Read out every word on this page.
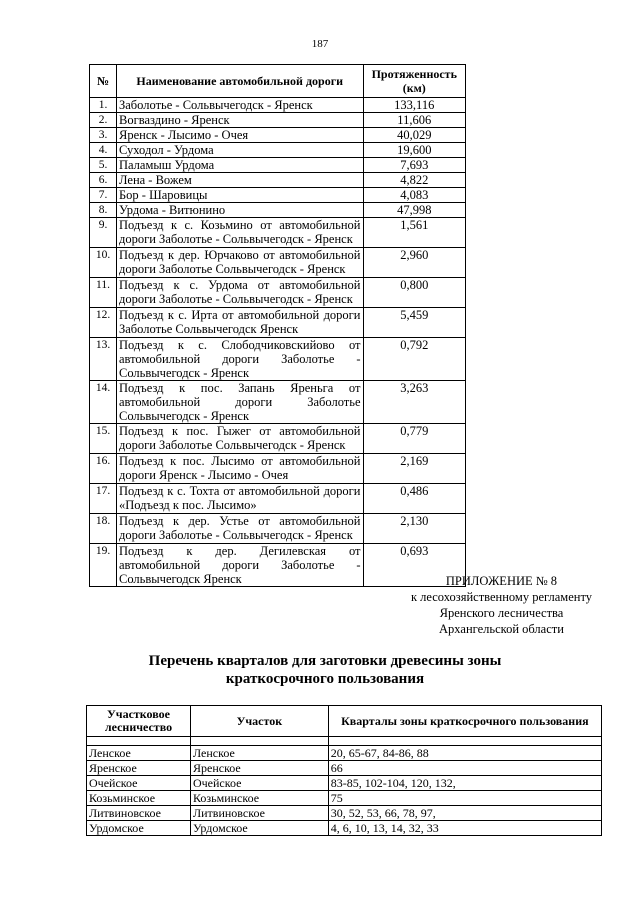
187
№	Наименование автомобильной дороги	Протяженность (км)
1.	Заболотье - Сольвычегодск - Яренск	133,116
2.	Вогваздино - Яренск	11,606
3.	Яренск - Лысимо - Очея	40,029
4.	Суходол - Урдома	19,600
5.	Паламыш Урдома	7,693
6.	Лена - Вожем	4,822
7.	Бор - Шаровицы	4,083
8.	Урдома - Витюнино	47,998
9.	Подъезд к с. Козьмино от автомобильной дороги Заболотье - Сольвычегодск - Яренск	1,561
10.	Подъезд к дер. Юрчаково от автомобильной дороги Заболотье Сольвычегодск - Яренск	2,960
11.	Подъезд к с. Урдома от автомобильной дороги Заболотье - Сольвычегодск - Яренск	0,800
12.	Подъезд к с. Ирта от автомобильной дороги Заболотье Сольвычегодск Яренск	5,459
13.	Подъезд к с. Слободчиковскийово от автомобильной дороги Заболотье - Сольвычегодск - Яренск	0,792
14.	Подъезд к пос. Запань Яреньга от автомобильной дороги Заболотье Сольвычегодск - Яренск	3,263
15.	Подъезд к пос. Гыжег от автомобильной дороги Заболотье Сольвычегодск - Яренск	0,779
16.	Подъезд к пос. Лысимо от автомобильной дороги Яренск - Лысимо - Очея	2,169
17.	Подъезд к с. Тохта от автомобильной дороги «Подъезд к пос. Лысимо»	0,486
18.	Подъезд к дер. Устье от автомобильной дороги Заболотье - Сольвычегодск - Яренск	2,130
19.	Подъезд к дер. Дегилевская от автомобильной дороги Заболотье - Сольвычегодск Яренск	0,693
ПРИЛОЖЕНИЕ № 8
к лесохозяйственному регламенту
Яренского лесничества
Архангельской области
Перечень кварталов для заготовки древесины зоны
краткосрочного пользования
Участковое лесничество	Участок	Кварталы зоны краткосрочного пользования

Ленское	Ленское	20, 65-67, 84-86, 88
Яренское	Яренское	66
Очейское	Очейское	83-85, 102-104, 120, 132,
Козьминское	Козьминское	75
Литвиновское	Литвиновское	30, 52, 53, 66, 78, 97,
Урдомское	Урдомское	4, 6, 10, 13, 14, 32, 33
